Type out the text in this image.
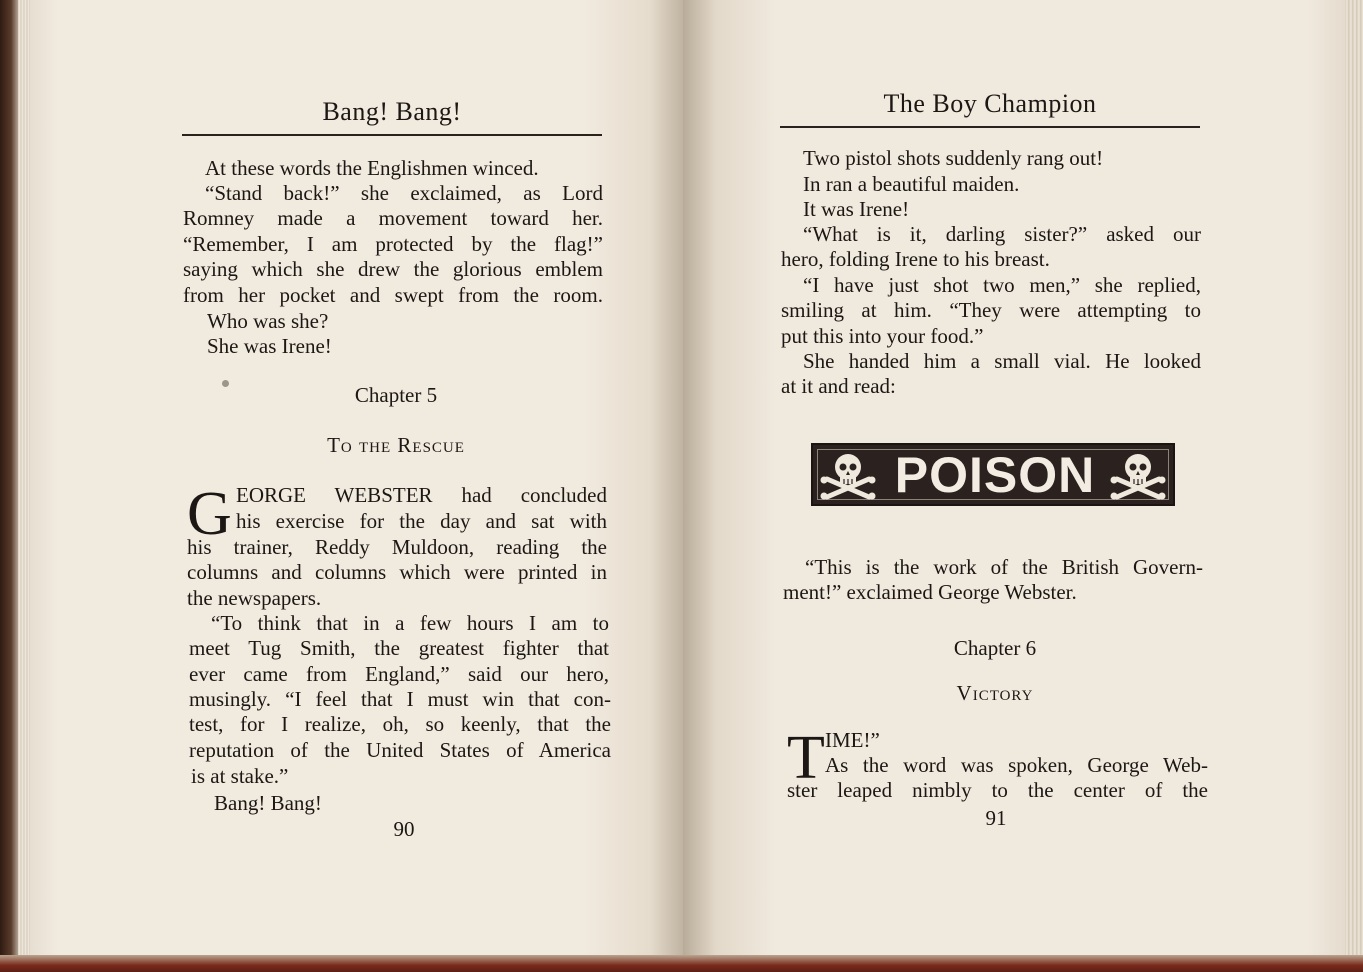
Bang! Bang!
At these words the Englishmen winced.
“Stand back!” she exclaimed, as Lord
Romney made a movement toward her.
“Remember, I am protected by the flag!”
saying which she drew the glorious emblem
from her pocket and swept from the room.
Who was she?
She was Irene!
Chapter 5
To the Rescue
G EORGE WEBSTER had concluded
his exercise for the day and sat with
his trainer, Reddy Muldoon, reading the
columns and columns which were printed in
the newspapers.
“To think that in a few hours I am to
meet Tug Smith, the greatest fighter that
ever came from England,” said our hero,
musingly. “I feel that I must win that con-
test, for I realize, oh, so keenly, that the
reputation of the United States of America
is at stake.”
Bang! Bang!
90
The Boy Champion
Two pistol shots suddenly rang out!
In ran a beautiful maiden.
It was Irene!
“What is it, darling sister?” asked our
hero, folding Irene to his breast.
“I have just shot two men,” she replied,
smiling at him. “They were attempting to
put this into your food.”
She handed him a small vial. He looked
at it and read:
POISON
“This is the work of the British Govern-
ment!” exclaimed George Webster.
Chapter 6
Victory
T IME!”
As the word was spoken, George Web-
ster leaped nimbly to the center of the
91
